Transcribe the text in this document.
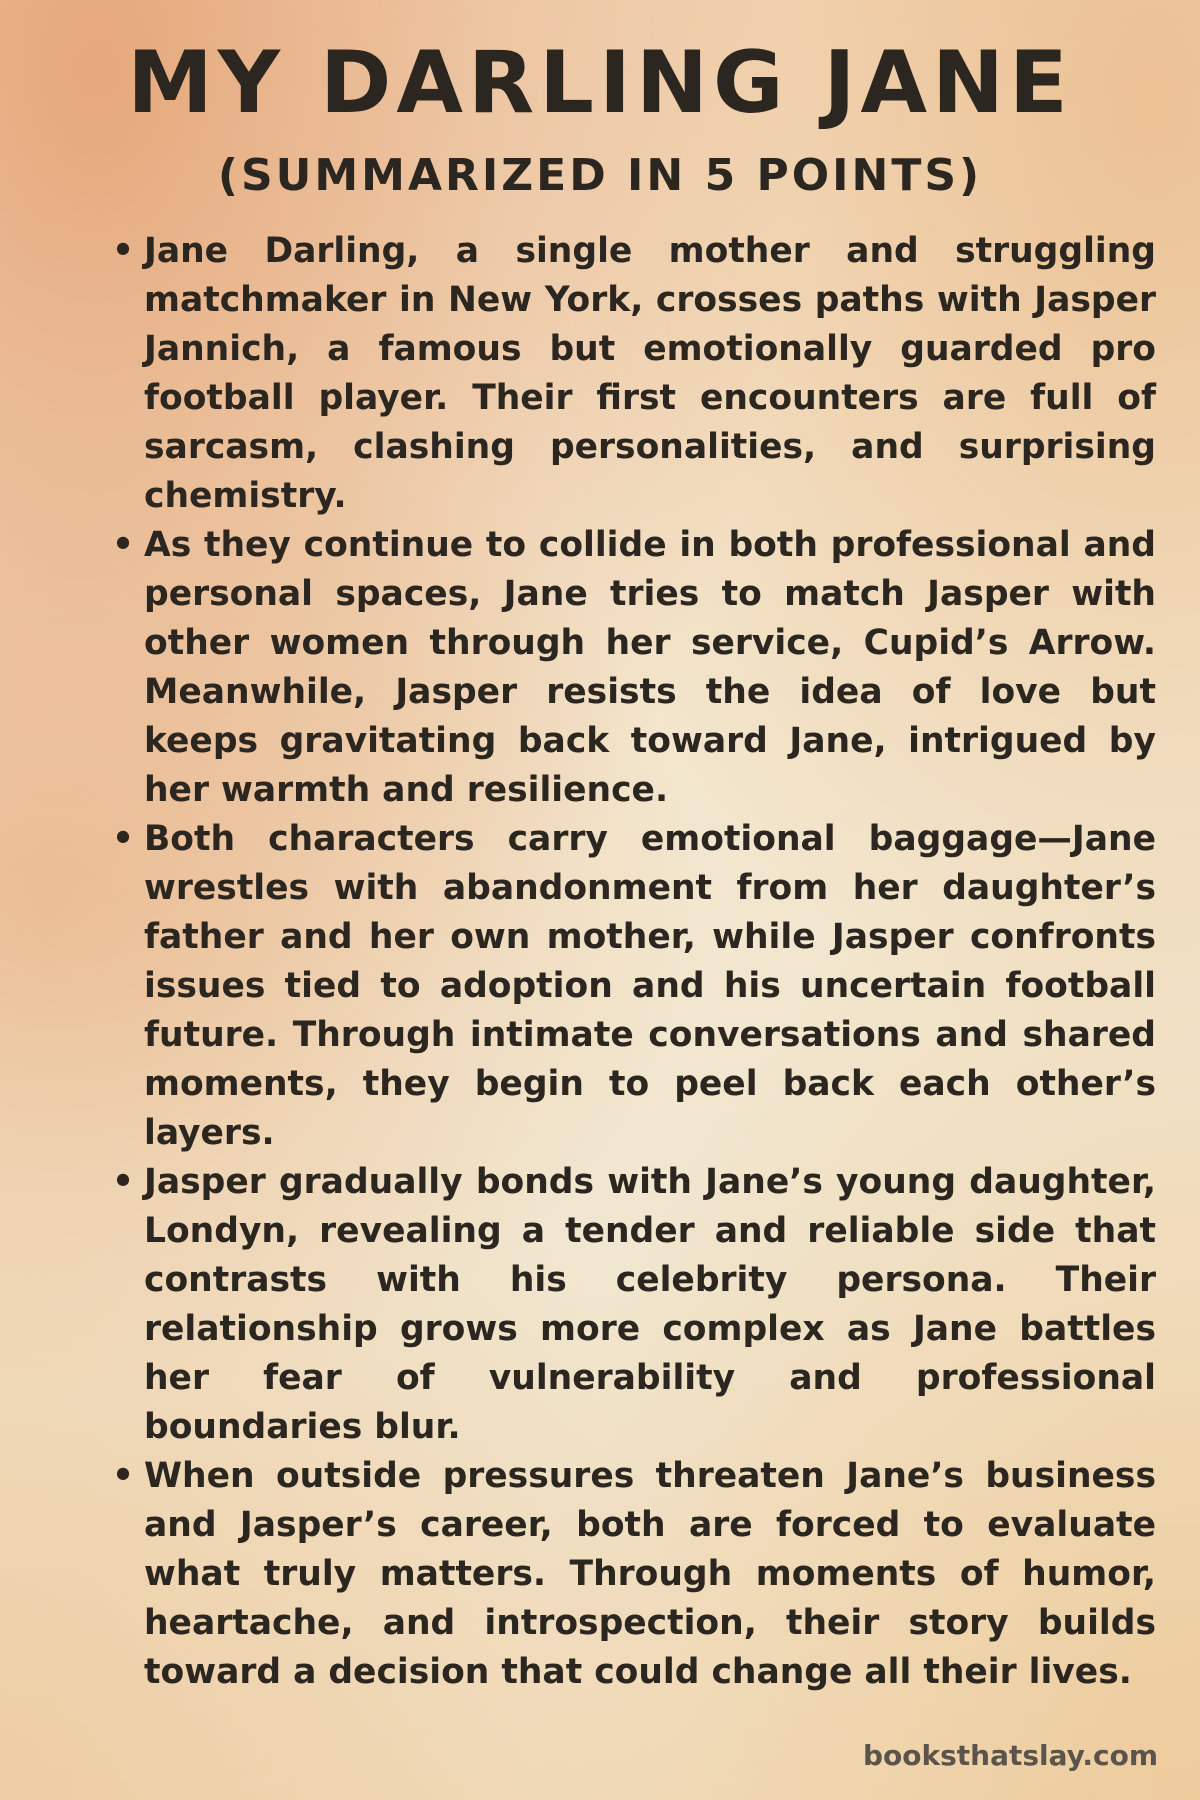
MY DARLING JANE
(SUMMARIZED IN 5 POINTS)
• Jane Darling, a single mother and struggling matchmaker in New York, crosses paths with Jasper Jannich, a famous but emotionally guarded pro football player. Their first encounters are full of sarcasm, clashing personalities, and surprising chemistry.
• As they continue to collide in both professional and personal spaces, Jane tries to match Jasper with other women through her service, Cupid’s Arrow. Meanwhile, Jasper resists the idea of love but keeps gravitating back toward Jane, intrigued by her warmth and resilience.
• Both characters carry emotional baggage—Jane wrestles with abandonment from her daughter’s father and her own mother, while Jasper confronts issues tied to adoption and his uncertain football future. Through intimate conversations and shared moments, they begin to peel back each other’s layers.
• Jasper gradually bonds with Jane’s young daughter, Londyn, revealing a tender and reliable side that contrasts with his celebrity persona. Their relationship grows more complex as Jane battles her fear of vulnerability and professional boundaries blur.
• When outside pressures threaten Jane’s business and Jasper’s career, both are forced to evaluate what truly matters. Through moments of humor, heartache, and introspection, their story builds toward a decision that could change all their lives.

booksthatslay.com
